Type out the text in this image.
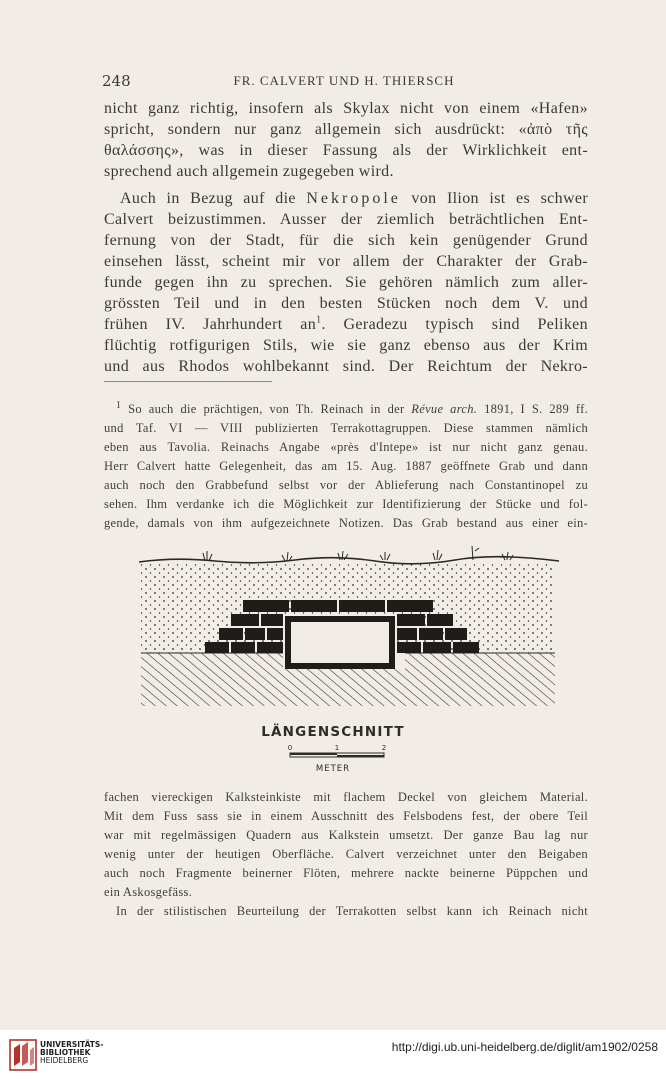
248	FR. CALVERT UND H. THIERSCH
nicht ganz richtig, insofern als Skylax nicht von einem «Hafen»
spricht, sondern nur ganz allgemein sich ausdrückt: «ἀπὸ τῆς
θαλάσσης», was in dieser Fassung als der Wirklichkeit ent-
sprechend auch allgemein zugegeben wird.
Auch in Bezug auf die Nekropole von Ilion ist es schwer
Calvert beizustimmen. Ausser der ziemlich beträchtlichen Ent-
fernung von der Stadt, für die sich kein genügender Grund
einsehen lässt, scheint mir vor allem der Charakter der Grab-
funde gegen ihn zu sprechen. Sie gehören nämlich zum aller-
grössten Teil und in den besten Stücken noch dem V. und
frühen IV. Jahrhundert $an^1$. Geradezu typisch sind Peliken
flüchtig rotfigurigen Stils, wie sie ganz ebenso aus der Krim
und aus Rhodos wohlbekannt sind. Der Reichtum der Nekro-
$^1$ So auch die prächtigen, von Th. Reinach in der Révue arch. 1891, I S. 289 ff.
und Taf. VI — VIII publizierten Terrakottagruppen. Diese stammen nämlich
eben aus Tavolia. Reinachs Angabe «près d'Intepe» ist nur nicht ganz genau.
Herr Calvert hatte Gelegenheit, das am 15. Aug. 1887 geöffnete Grab und dann
auch noch den Grabbefund selbst vor der Ablieferung nach Constantinopel zu
sehen. Ihm verdanke ich die Möglichkeit zur Identifizierung der Stücke und fol-
gende, damals von ihm aufgezeichnete Notizen. Das Grab bestand aus einer ein-
LÄNGENSCHNITT
0	1	2
METER
fachen viereckigen Kalksteinkiste mit flachem Deckel von gleichem Material.
Mit dem Fuss sass sie in einem Ausschnitt des Felsbodens fest, der obere Teil
war mit regelmässigen Quadern aus Kalkstein umsetzt. Der ganze Bau lag nur
wenig unter der heutigen Oberfläche. Calvert verzeichnet unter den Beigaben
auch noch Fragmente beinerner Flöten, mehrere nackte beinerne Püppchen und
ein Askosgefäss.
In der stilistischen Beurteilung der Terrakotten selbst kann ich Reinach nicht
UNIVERSITÄTS-
BIBLIOTHEK
HEIDELBERG
http://digi.ub.uni-heidelberg.de/diglit/am1902/0258
